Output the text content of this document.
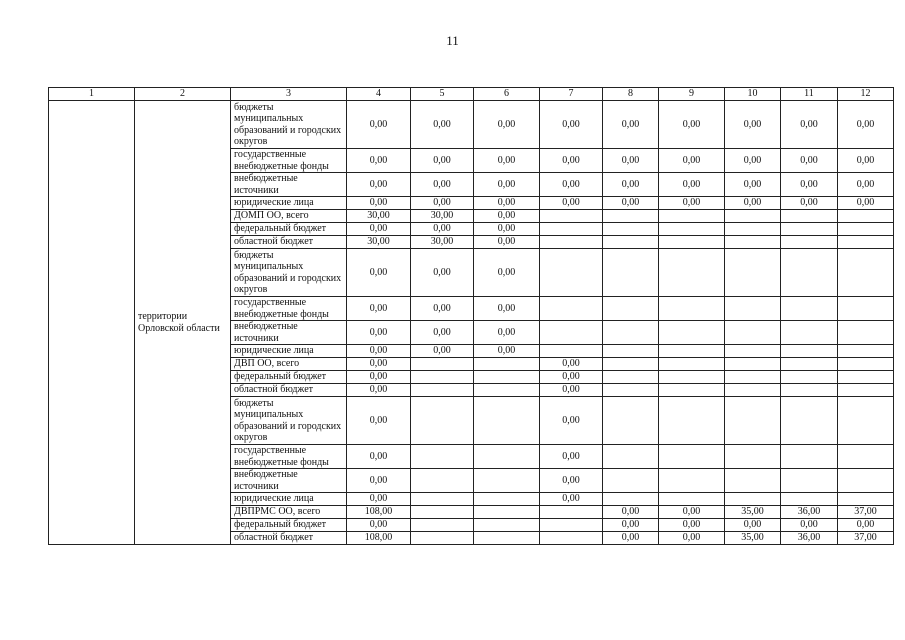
11
1	2	3	4	5	6	7	8	9	10	11	12
	территории Орловской области	бюджеты муниципальных образований и городских округов	0,00	0,00	0,00	0,00	0,00	0,00	0,00	0,00	0,00
		государственные внебюджетные фонды	0,00	0,00	0,00	0,00	0,00	0,00	0,00	0,00	0,00
		внебюджетные источники	0,00	0,00	0,00	0,00	0,00	0,00	0,00	0,00	0,00
		юридические лица	0,00	0,00	0,00	0,00	0,00	0,00	0,00	0,00	0,00
		ДОМП ОО, всего	30,00	30,00	0,00						
		федеральный бюджет	0,00	0,00	0,00						
		областной бюджет	30,00	30,00	0,00						
		бюджеты муниципальных образований и городских округов	0,00	0,00	0,00						
		государственные внебюджетные фонды	0,00	0,00	0,00						
		внебюджетные источники	0,00	0,00	0,00						
		юридические лица	0,00	0,00	0,00						
		ДВП ОО, всего	0,00			0,00					
		федеральный бюджет	0,00			0,00					
		областной бюджет	0,00			0,00					
		бюджеты муниципальных образований и городских округов	0,00			0,00					
		государственные внебюджетные фонды	0,00			0,00					
		внебюджетные источники	0,00			0,00					
		юридические лица	0,00			0,00					
		ДВПРМС ОО, всего	108,00				0,00	0,00	35,00	36,00	37,00
		федеральный бюджет	0,00				0,00	0,00	0,00	0,00	0,00
		областной бюджет	108,00				0,00	0,00	35,00	36,00	37,00
